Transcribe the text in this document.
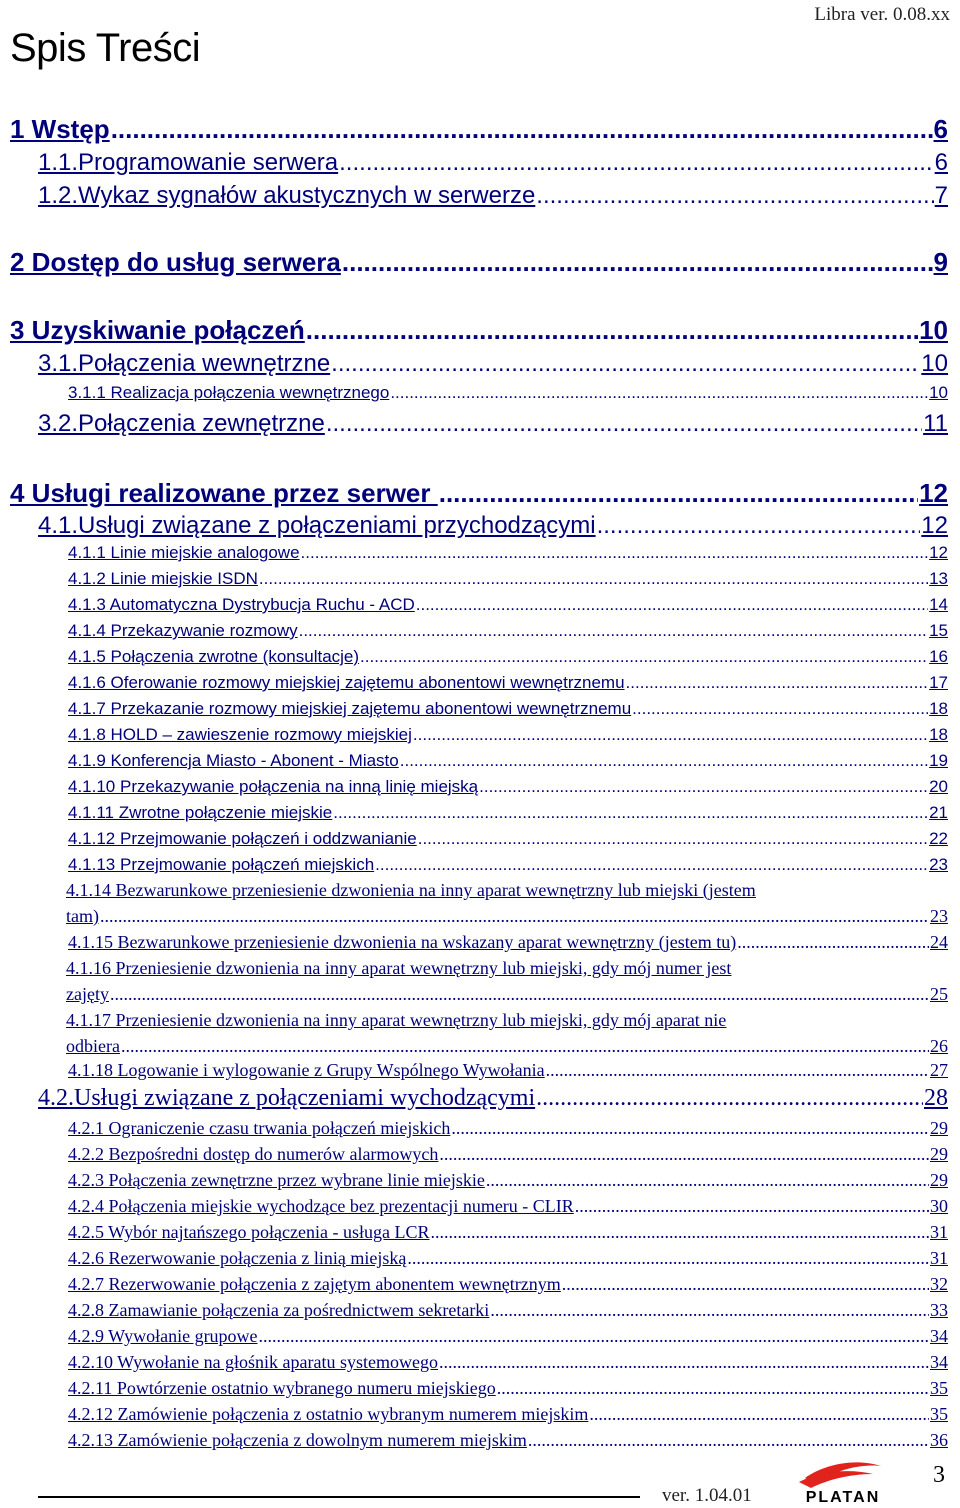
Libra ver. 0.08.xx
Spis Treści
1 Wstęp .....	6
1.1.Programowanie serwera .....	6
1.2.Wykaz sygnałów akustycznych w serwerze .....	7
2 Dostęp do usług serwera .....	9
3 Uzyskiwanie połączeń .....	10
3.1.Połączenia wewnętrzne .....	10
3.1.1 Realizacja połączenia wewnętrznego .....	10
3.2.Połączenia zewnętrzne .....	11
4 Usługi realizowane przez serwer .....	12
4.1.Usługi związane z połączeniami przychodzącymi .....	12
4.1.1 Linie miejskie analogowe .....	12
4.1.2 Linie miejskie ISDN .....	13
4.1.3 Automatyczna Dystrybucja Ruchu - ACD .....	14
4.1.4 Przekazywanie rozmowy .....	15
4.1.5 Połączenia zwrotne (konsultacje) .....	16
4.1.6 Oferowanie rozmowy miejskiej zajętemu abonentowi wewnętrznemu .....	17
4.1.7 Przekazanie rozmowy miejskiej zajętemu abonentowi wewnętrznemu .....	18
4.1.8 HOLD – zawieszenie rozmowy miejskiej .....	18
4.1.9 Konferencja Miasto - Abonent - Miasto .....	19
4.1.10 Przekazywanie połączenia na inną linię miejską .....	20
4.1.11 Zwrotne połączenie miejskie .....	21
4.1.12 Przejmowanie połączeń i oddzwanianie .....	22
4.1.13 Przejmowanie połączeń miejskich .....	23
4.1.14 Bezwarunkowe przeniesienie dzwonienia na inny aparat wewnętrzny lub miejski (jestem
tam) .....	23
4.1.15 Bezwarunkowe przeniesienie dzwonienia na wskazany aparat wewnętrzny (jestem tu) .....	24
4.1.16 Przeniesienie dzwonienia na inny aparat wewnętrzny lub miejski, gdy mój numer jest
zajęty .....	25
4.1.17 Przeniesienie dzwonienia na inny aparat wewnętrzny lub miejski, gdy mój aparat nie
odbiera .....	26
4.1.18 Logowanie i wylogowanie z Grupy Wspólnego Wywołania .....	27
4.2.Usługi związane z połączeniami wychodzącymi .....	28
4.2.1 Ograniczenie czasu trwania połączeń miejskich .....	29
4.2.2 Bezpośredni dostęp do numerów alarmowych .....	29
4.2.3 Połączenia zewnętrzne przez wybrane linie miejskie .....	29
4.2.4 Połączenia miejskie wychodzące bez prezentacji numeru - CLIR .....	30
4.2.5 Wybór najtańszego połączenia - usługa LCR .....	31
4.2.6 Rezerwowanie połączenia z linią miejską .....	31
4.2.7 Rezerwowanie połączenia z zajętym abonentem wewnętrznym .....	32
4.2.8 Zamawianie połączenia za pośrednictwem sekretarki .....	33
4.2.9 Wywołanie grupowe .....	34
4.2.10 Wywołanie na głośnik aparatu systemowego .....	34
4.2.11 Powtórzenie ostatnio wybranego numeru miejskiego .....	35
4.2.12 Zamówienie połączenia z ostatnio wybranym numerem miejskim .....	35
4.2.13 Zamówienie połączenia z dowolnym numerem miejskim .....	36
ver. 1.04.01	PLATAN
3
